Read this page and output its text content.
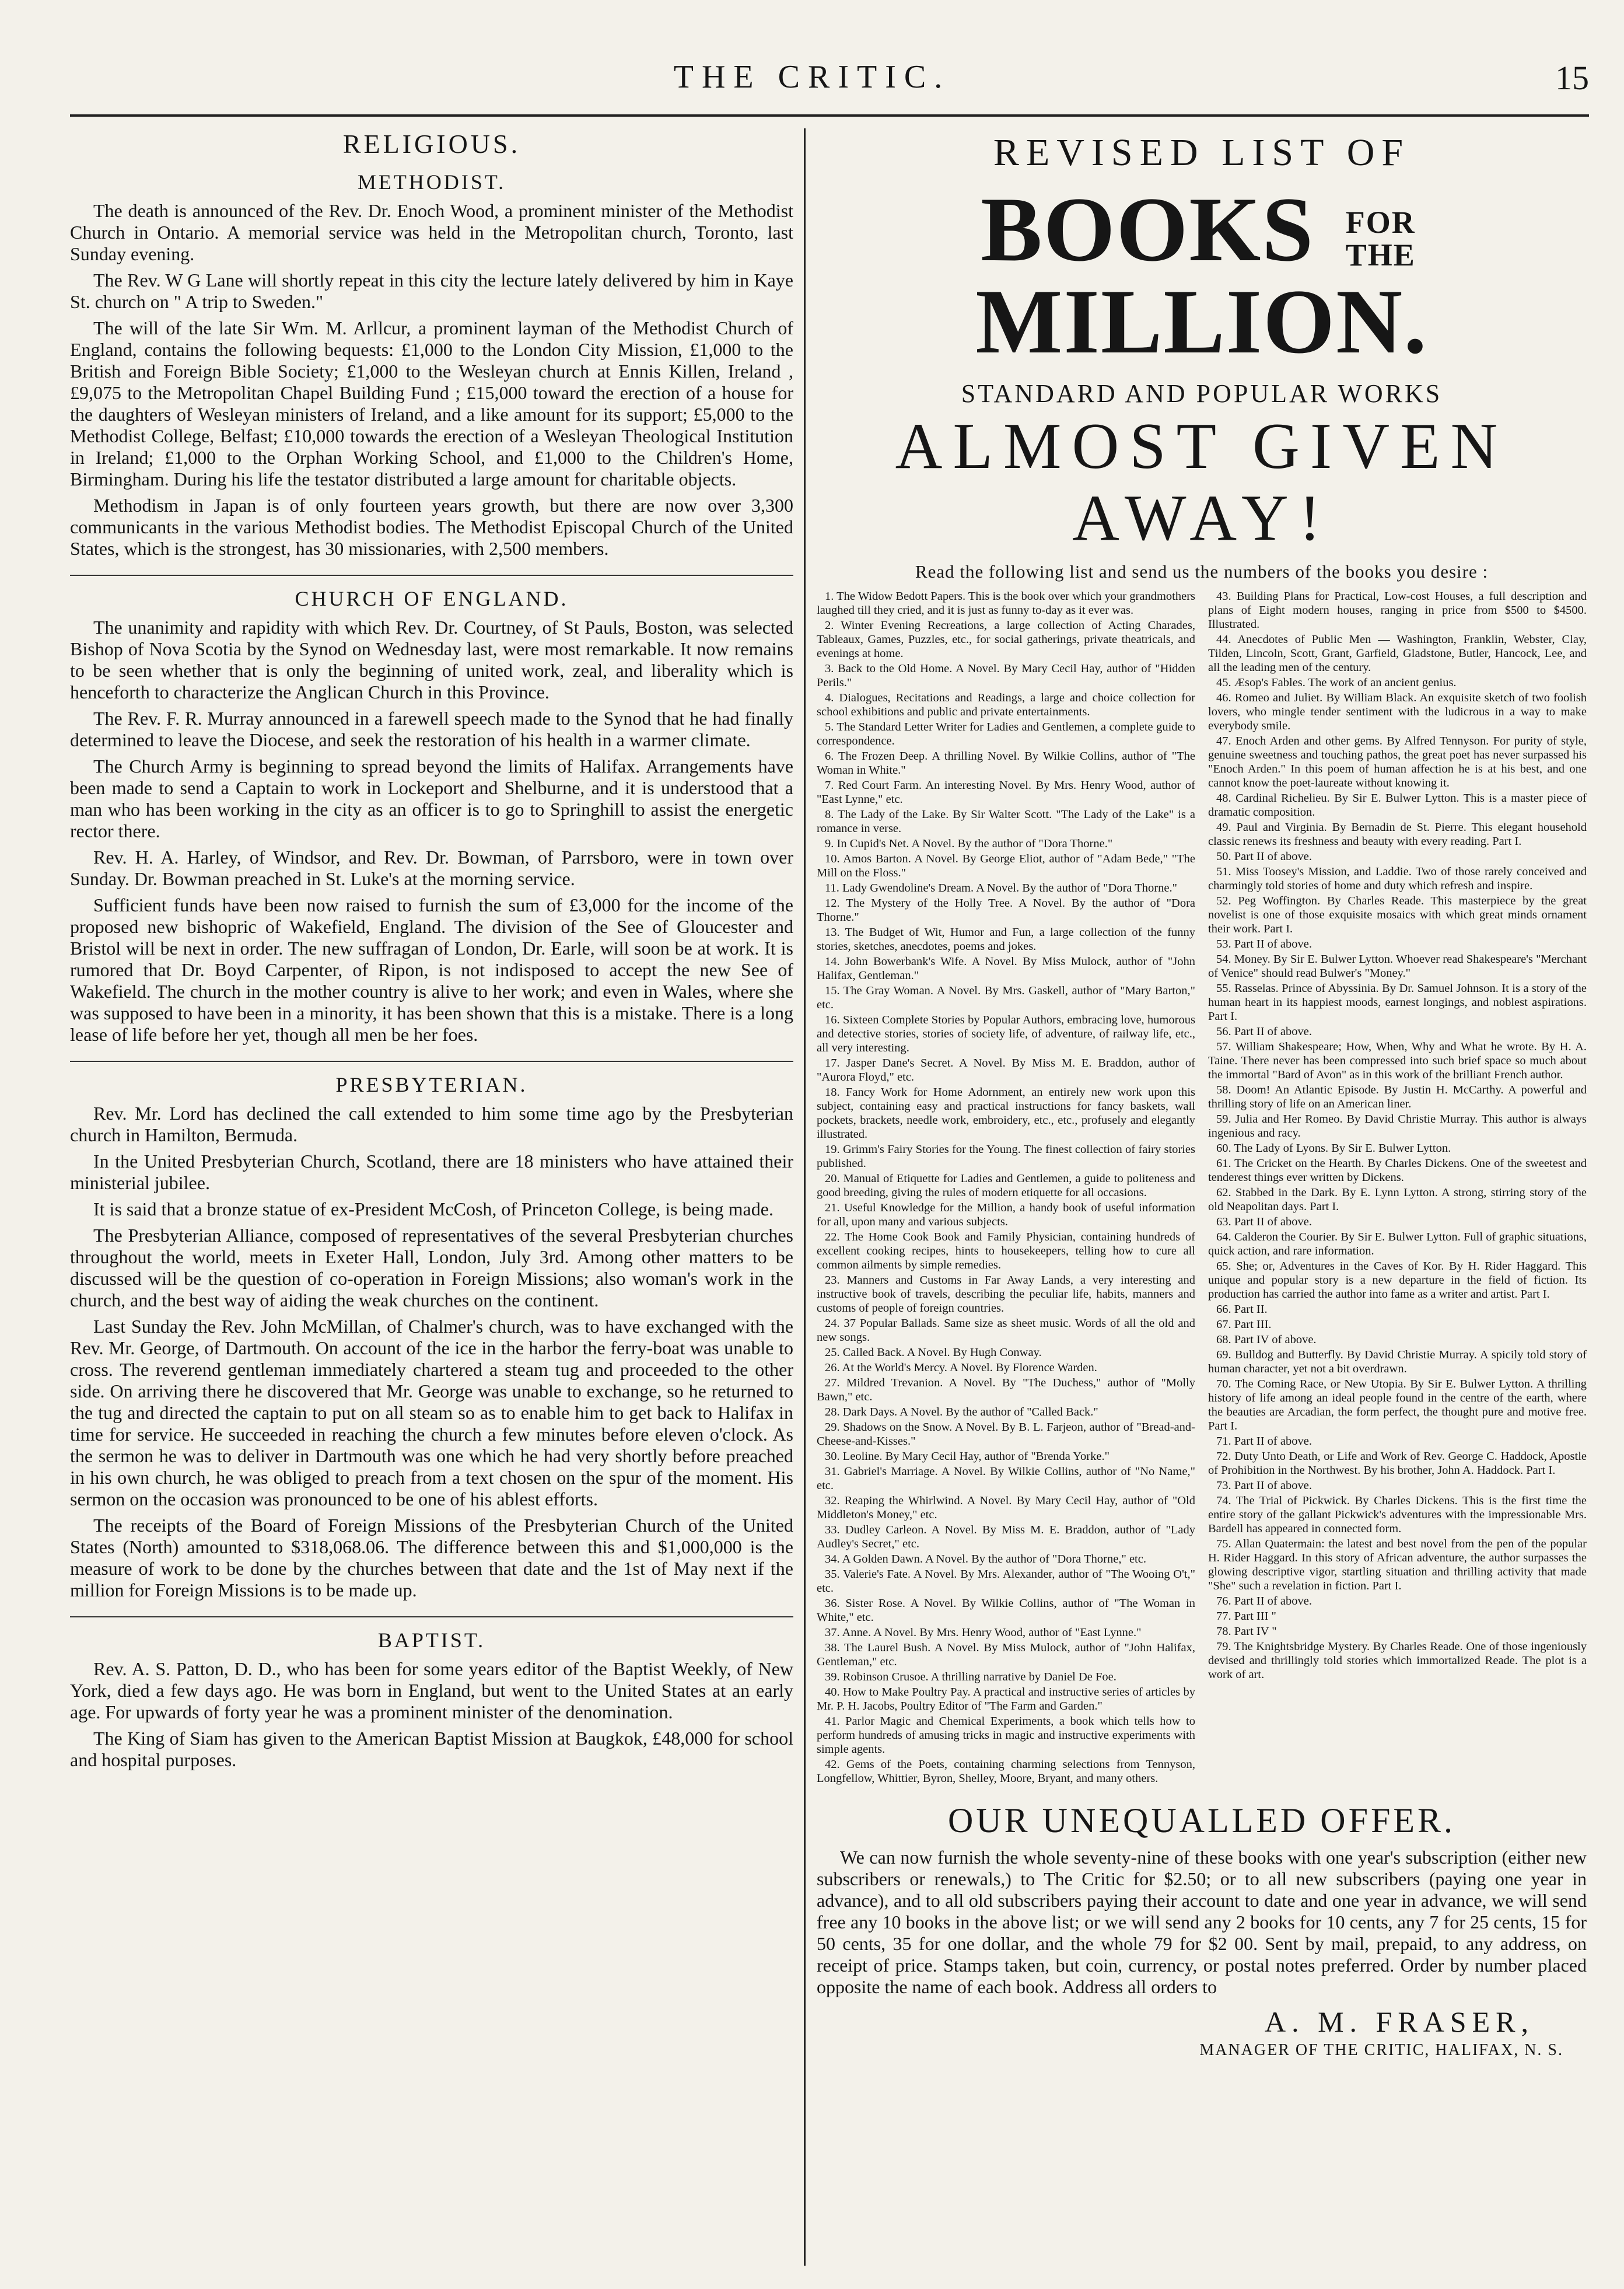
THE CRITIC.	15
RELIGIOUS.
METHODIST.

The death is announced of the Rev. Dr. Enoch Wood, a prominent minister of the Methodist Church in Ontario. A memorial service was held in the Metropolitan church, Toronto, last Sunday evening.

The Rev. W G Lane will shortly repeat in this city the lecture lately delivered by him in Kaye St. church on " A trip to Sweden."

The will of the late Sir Wm. M. Arllcur, a prominent layman of the Methodist Church of England, contains the following bequests: £1,000 to the London City Mission, £1,000 to the British and Foreign Bible Society; £1,000 to the Wesleyan church at Ennis Killen, Ireland , £9,075 to the Metropolitan Chapel Building Fund ; £15,000 toward the erection of a house for the daughters of Wesleyan ministers of Ireland, and a like amount for its support; £5,000 to the Methodist College, Belfast; £10,000 towards the erection of a Wesleyan Theological Institution in Ireland; £1,000 to the Orphan Working School, and £1,000 to the Children's Home, Birmingham. During his life the testator distributed a large amount for charitable objects.

Methodism in Japan is of only fourteen years growth, but there are now over 3,300 communicants in the various Methodist bodies. The Methodist Episcopal Church of the United States, which is the strongest, has 30 missionaries, with 2,500 members.

CHURCH OF ENGLAND.

The unanimity and rapidity with which Rev. Dr. Courtney, of St Pauls, Boston, was selected Bishop of Nova Scotia by the Synod on Wednesday last, were most remarkable. It now remains to be seen whether that is only the beginning of united work, zeal, and liberality which is henceforth to characterize the Anglican Church in this Province.

The Rev. F. R. Murray announced in a farewell speech made to the Synod that he had finally determined to leave the Diocese, and seek the restoration of his health in a warmer climate.

The Church Army is beginning to spread beyond the limits of Halifax. Arrangements have been made to send a Captain to work in Lockeport and Shelburne, and it is understood that a man who has been working in the city as an officer is to go to Springhill to assist the energetic rector there.

Rev. H. A. Harley, of Windsor, and Rev. Dr. Bowman, of Parrsboro, were in town over Sunday. Dr. Bowman preached in St. Luke's at the morning service.

Sufficient funds have been now raised to furnish the sum of £3,000 for the income of the proposed new bishopric of Wakefield, England. The division of the See of Gloucester and Bristol will be next in order. The new suffragan of London, Dr. Earle, will soon be at work. It is rumored that Dr. Boyd Carpenter, of Ripon, is not indisposed to accept the new See of Wakefield. The church in the mother country is alive to her work; and even in Wales, where she was supposed to have been in a minority, it has been shown that this is a mistake. There is a long lease of life before her yet, though all men be her foes.

PRESBYTERIAN.

Rev. Mr. Lord has declined the call extended to him some time ago by the Presbyterian church in Hamilton, Bermuda.

In the United Presbyterian Church, Scotland, there are 18 ministers who have attained their ministerial jubilee.

It is said that a bronze statue of ex-President McCosh, of Princeton College, is being made.

The Presbyterian Alliance, composed of representatives of the several Presbyterian churches throughout the world, meets in Exeter Hall, London, July 3rd. Among other matters to be discussed will be the question of co-operation in Foreign Missions; also woman's work in the church, and the best way of aiding the weak churches on the continent.

Last Sunday the Rev. John McMillan, of Chalmer's church, was to have exchanged with the Rev. Mr. George, of Dartmouth. On account of the ice in the harbor the ferry-boat was unable to cross. The reverend gentleman immediately chartered a steam tug and proceeded to the other side. On arriving there he discovered that Mr. George was unable to exchange, so he returned to the tug and directed the captain to put on all steam so as to enable him to get back to Halifax in time for service. He succeeded in reaching the church a few minutes before eleven o'clock. As the sermon he was to deliver in Dartmouth was one which he had very shortly before preached in his own church, he was obliged to preach from a text chosen on the spur of the moment. His sermon on the occasion was pronounced to be one of his ablest efforts.

The receipts of the Board of Foreign Missions of the Presbyterian Church of the United States (North) amounted to $318,068.06. The difference between this and $1,000,000 is the measure of work to be done by the churches between that date and the 1st of May next if the million for Foreign Missions is to be made up.

BAPTIST.

Rev. A. S. Patton, D. D., who has been for some years editor of the Baptist Weekly, of New York, died a few days ago. He was born in England, but went to the United States at an early age. For upwards of forty year he was a prominent minister of the denomination.

The King of Siam has given to the American Baptist Mission at Baugkok, £48,000 for school and hospital purposes.

REVISED LIST OF
BOOKS FOR
THE MILLION.
STANDARD AND POPULAR WORKS
ALMOST GIVEN AWAY!
Read the following list and send us the numbers of the books you desire :

1. The Widow Bedott Papers. This is the book over which your grandmothers laughed till they cried, and it is just as funny to-day as it ever was.

2. Winter Evening Recreations, a large collection of Acting Charades, Tableaux, Games, Puzzles, etc., for social gatherings, private theatricals, and evenings at home.

3. Back to the Old Home. A Novel. By Mary Cecil Hay, author of "Hidden Perils."

4. Dialogues, Recitations and Readings, a large and choice collection for school exhibitions and public and private entertainments.

5. The Standard Letter Writer for Ladies and Gentlemen, a complete guide to correspondence.

6. The Frozen Deep. A thrilling Novel. By Wilkie Collins, author of "The Woman in White."

7. Red Court Farm. An interesting Novel. By Mrs. Henry Wood, author of "East Lynne," etc.

8. The Lady of the Lake. By Sir Walter Scott. "The Lady of the Lake" is a romance in verse.

9. In Cupid's Net. A Novel. By the author of "Dora Thorne."

10. Amos Barton. A Novel. By George Eliot, author of "Adam Bede," "The Mill on the Floss."

11. Lady Gwendoline's Dream. A Novel. By the author of "Dora Thorne."

12. The Mystery of the Holly Tree. A Novel. By the author of "Dora Thorne."

13. The Budget of Wit, Humor and Fun, a large collection of the funny stories, sketches, anecdotes, poems and jokes.

14. John Bowerbank's Wife. A Novel. By Miss Mulock, author of "John Halifax, Gentleman."

15. The Gray Woman. A Novel. By Mrs. Gaskell, author of "Mary Barton," etc.

16. Sixteen Complete Stories by Popular Authors, embracing love, humorous and detective stories, stories of society life, of adventure, of railway life, etc., all very interesting.

17. Jasper Dane's Secret. A Novel. By Miss M. E. Braddon, author of "Aurora Floyd," etc.

18. Fancy Work for Home Adornment, an entirely new work upon this subject, containing easy and practical instructions for fancy baskets, wall pockets, brackets, needle work, embroidery, etc., etc., profusely and elegantly illustrated.

19. Grimm's Fairy Stories for the Young. The finest collection of fairy stories published.

20. Manual of Etiquette for Ladies and Gentlemen, a guide to politeness and good breeding, giving the rules of modern etiquette for all occasions.

21. Useful Knowledge for the Million, a handy book of useful information for all, upon many and various subjects.

22. The Home Cook Book and Family Physician, containing hundreds of excellent cooking recipes, hints to housekeepers, telling how to cure all common ailments by simple remedies.

23. Manners and Customs in Far Away Lands, a very interesting and instructive book of travels, describing the peculiar life, habits, manners and customs of people of foreign countries.

24. 37 Popular Ballads. Same size as sheet music. Words of all the old and new songs.

25. Called Back. A Novel. By Hugh Conway.

26. At the World's Mercy. A Novel. By Florence Warden.

27. Mildred Trevanion. A Novel. By "The Duchess," author of "Molly Bawn," etc.

28. Dark Days. A Novel. By the author of "Called Back."

29. Shadows on the Snow. A Novel. By B. L. Farjeon, author of "Bread-and-Cheese-and-Kisses."

30. Leoline. By Mary Cecil Hay, author of "Brenda Yorke."

31. Gabriel's Marriage. A Novel. By Wilkie Collins, author of "No Name," etc.

32. Reaping the Whirlwind. A Novel. By Mary Cecil Hay, author of "Old Middleton's Money," etc.

33. Dudley Carleon. A Novel. By Miss M. E. Braddon, author of "Lady Audley's Secret," etc.

34. A Golden Dawn. A Novel. By the author of "Dora Thorne," etc.

35. Valerie's Fate. A Novel. By Mrs. Alexander, author of "The Wooing O't," etc.

36. Sister Rose. A Novel. By Wilkie Collins, author of "The Woman in White," etc.

37. Anne. A Novel. By Mrs. Henry Wood, author of "East Lynne."

38. The Laurel Bush. A Novel. By Miss Mulock, author of "John Halifax, Gentleman," etc.

39. Robinson Crusoe. A thrilling narrative by Daniel De Foe.

40. How to Make Poultry Pay. A practical and instructive series of articles by Mr. P. H. Jacobs, Poultry Editor of "The Farm and Garden."

41. Parlor Magic and Chemical Experiments, a book which tells how to perform hundreds of amusing tricks in magic and instructive experiments with simple agents.

42. Gems of the Poets, containing charming selections from Tennyson, Longfellow, Whittier, Byron, Shelley, Moore, Bryant, and many others.

43. Building Plans for Practical, Low-cost Houses, a full description and plans of Eight modern houses, ranging in price from $500 to $4500. Illustrated.

44. Anecdotes of Public Men — Washington, Franklin, Webster, Clay, Tilden, Lincoln, Scott, Grant, Garfield, Gladstone, Butler, Hancock, Lee, and all the leading men of the century.

45. Æsop's Fables. The work of an ancient genius.

46. Romeo and Juliet. By William Black. An exquisite sketch of two foolish lovers, who mingle tender sentiment with the ludicrous in a way to make everybody smile.

47. Enoch Arden and other gems. By Alfred Tennyson. For purity of style, genuine sweetness and touching pathos, the great poet has never surpassed his "Enoch Arden." In this poem of human affection he is at his best, and one cannot know the poet-laureate without knowing it.

48. Cardinal Richelieu. By Sir E. Bulwer Lytton. This is a master piece of dramatic composition.

49. Paul and Virginia. By Bernadin de St. Pierre. This elegant household classic renews its freshness and beauty with every reading. Part I.

50. Part II of above.

51. Miss Toosey's Mission, and Laddie. Two of those rarely conceived and charmingly told stories of home and duty which refresh and inspire.

52. Peg Woffington. By Charles Reade. This masterpiece by the great novelist is one of those exquisite mosaics with which great minds ornament their work. Part I.

53. Part II of above.

54. Money. By Sir E. Bulwer Lytton. Whoever read Shakespeare's "Merchant of Venice" should read Bulwer's "Money."

55. Rasselas. Prince of Abyssinia. By Dr. Samuel Johnson. It is a story of the human heart in its happiest moods, earnest longings, and noblest aspirations. Part I.

56. Part II of above.

57. William Shakespeare; How, When, Why and What he wrote. By H. A. Taine. There never has been compressed into such brief space so much about the immortal "Bard of Avon" as in this work of the brilliant French author.

58. Doom! An Atlantic Episode. By Justin H. McCarthy. A powerful and thrilling story of life on an American liner.

59. Julia and Her Romeo. By David Christie Murray. This author is always ingenious and racy.

60. The Lady of Lyons. By Sir E. Bulwer Lytton.

61. The Cricket on the Hearth. By Charles Dickens. One of the sweetest and tenderest things ever written by Dickens.

62. Stabbed in the Dark. By E. Lynn Lytton. A strong, stirring story of the old Neapolitan days. Part I.

63. Part II of above.

64. Calderon the Courier. By Sir E. Bulwer Lytton. Full of graphic situations, quick action, and rare information.

65. She; or, Adventures in the Caves of Kor. By H. Rider Haggard. This unique and popular story is a new departure in the field of fiction. Its production has carried the author into fame as a writer and artist. Part I.

66. Part II.

67. Part III.

68. Part IV of above.

69. Bulldog and Butterfly. By David Christie Murray. A spicily told story of human character, yet not a bit overdrawn.

70. The Coming Race, or New Utopia. By Sir E. Bulwer Lytton. A thrilling history of life among an ideal people found in the centre of the earth, where the beauties are Arcadian, the form perfect, the thought pure and motive free. Part I.

71. Part II of above.

72. Duty Unto Death, or Life and Work of Rev. George C. Haddock, Apostle of Prohibition in the Northwest. By his brother, John A. Haddock. Part I.

73. Part II of above.

74. The Trial of Pickwick. By Charles Dickens. This is the first time the entire story of the gallant Pickwick's adventures with the impressionable Mrs. Bardell has appeared in connected form.

75. Allan Quatermain: the latest and best novel from the pen of the popular H. Rider Haggard. In this story of African adventure, the author surpasses the glowing descriptive vigor, startling situation and thrilling activity that made "She" such a revelation in fiction. Part I.

76. Part II of above.

77. Part III "

78. Part IV "

79. The Knightsbridge Mystery. By Charles Reade. One of those ingeniously devised and thrillingly told stories which immortalized Reade. The plot is a work of art.

OUR UNEQUALLED OFFER.

We can now furnish the whole seventy-nine of these books with one year's subscription (either new subscribers or renewals,) to The Critic for $2.50; or to all new subscribers (paying one year in advance), and to all old subscribers paying their account to date and one year in advance, we will send free any 10 books in the above list; or we will send any 2 books for 10 cents, any 7 for 25 cents, 15 for 50 cents, 35 for one dollar, and the whole 79 for $2 00. Sent by mail, prepaid, to any address, on receipt of price. Stamps taken, but coin, currency, or postal notes preferred. Order by number placed opposite the name of each book. Address all orders to

A. M. FRASER,
MANAGER OF THE CRITIC, HALIFAX, N. S.
